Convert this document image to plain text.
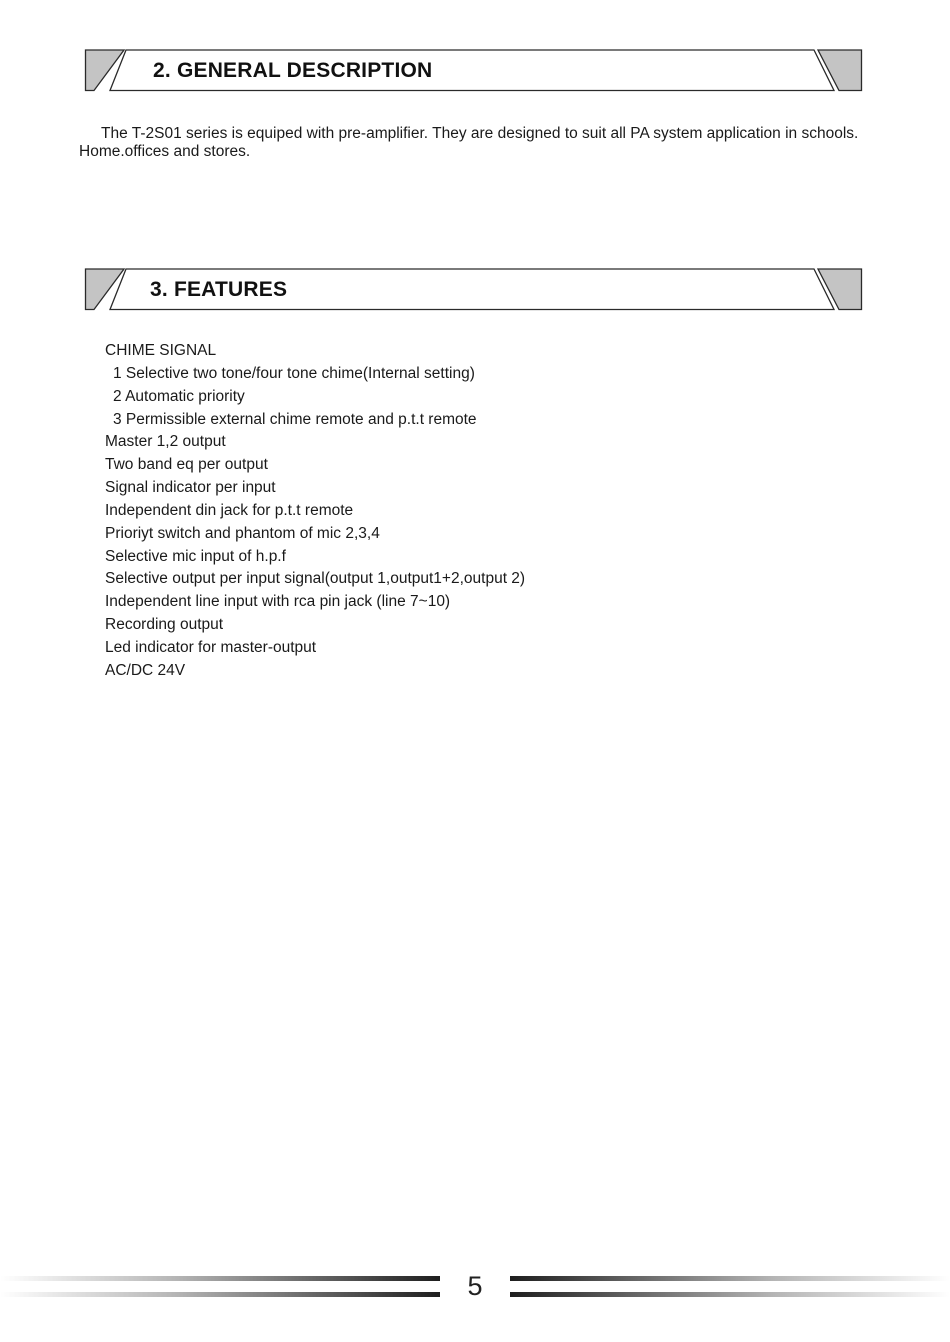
2. GENERAL DESCRIPTION
The T-2S01 series is equiped with pre-amplifier. They are designed to suit all PA system application in schools.
Home.offices and stores.
3. FEATURES
CHIME SIGNAL
1 Selective two tone/four tone chime(Internal setting)
2 Automatic priority
3 Permissible external chime remote and p.t.t remote
Master 1,2 output
Two band eq per output
Signal indicator per input
Independent din jack for p.t.t remote
Prioriyt switch and phantom of mic 2,3,4
Selective mic input of h.p.f
Selective output per input signal(output 1,output1+2,output 2)
Independent line input with rca pin jack (line 7~10)
Recording output
Led indicator for master-output
AC/DC 24V
5
